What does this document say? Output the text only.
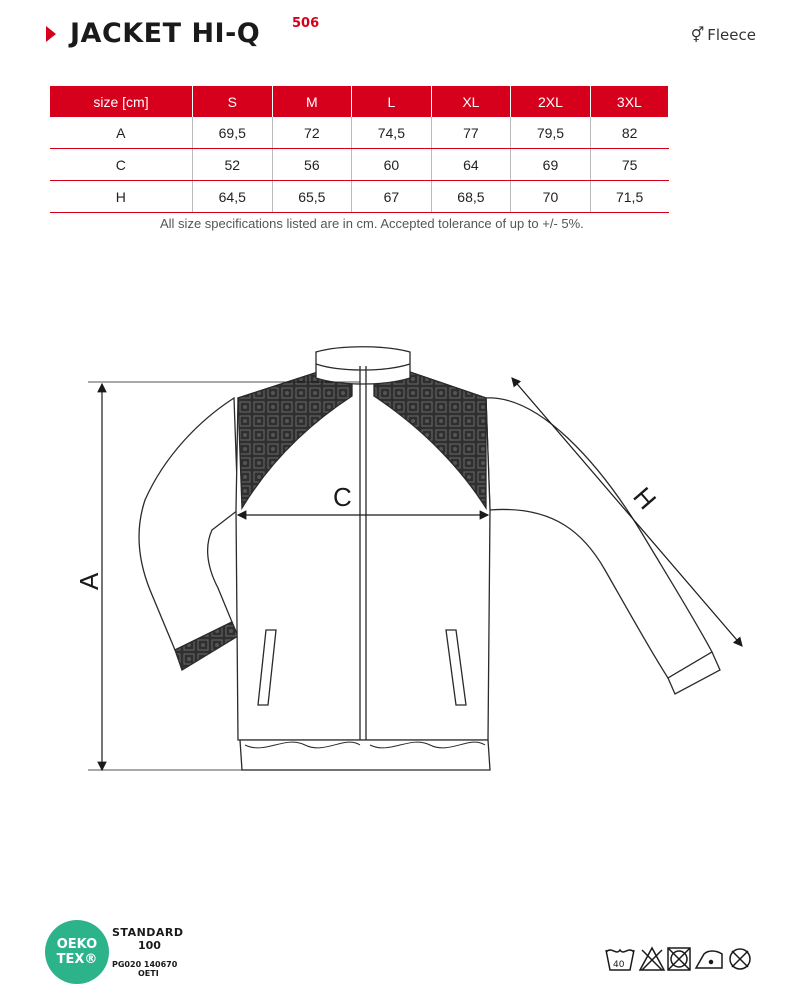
JACKET HI-Q 506
⚥ Fleece
size [cm]	S	M	L	XL	2XL	3XL
A	69,5	72	74,5	77	79,5	82
C	52	56	60	64	69	75
H	64,5	65,5	67	68,5	70	71,5
All size specifications listed are in cm. Accepted tolerance of up to +/- 5%.
A
C	H
OEKO
TEX®
STANDARD
100
PG020 140670
OETI
40
